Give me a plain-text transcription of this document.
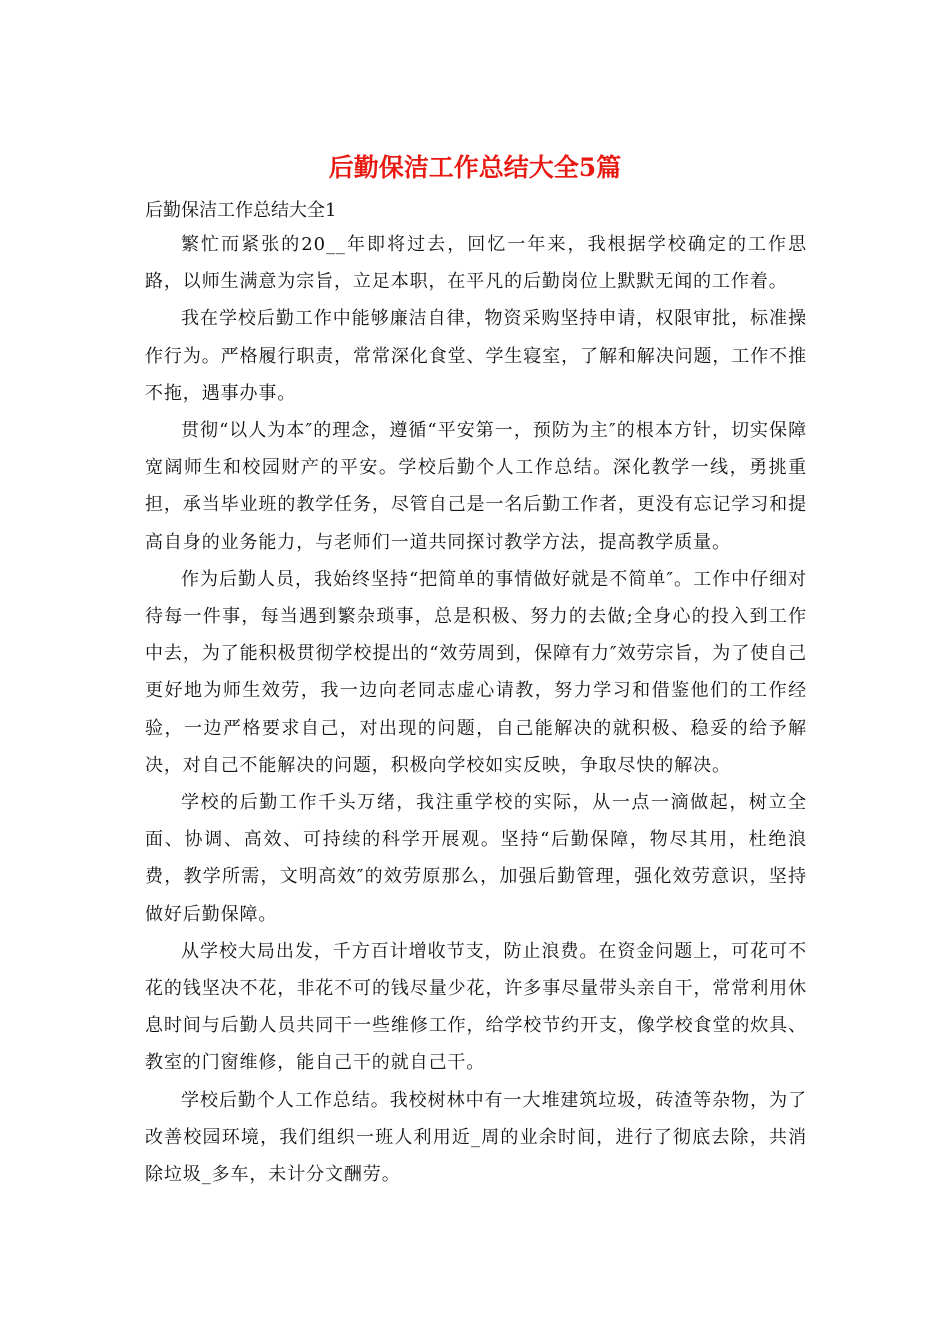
后勤保洁工作总结大全5篇

后勤保洁工作总结大全1

繁忙而紧张的20__年即将过去，回忆一年来，我根据学校确定的工作思路，以师生满意为宗旨，立足本职，在平凡的后勤岗位上默默无闻的工作着。

我在学校后勤工作中能够廉洁自律，物资采购坚持申请，权限审批，标准操作行为。严格履行职责，常常深化食堂、学生寝室，了解和解决问题，工作不推不拖，遇事办事。

贯彻“以人为本″的理念，遵循“平安第一，预防为主″的根本方针，切实保障宽阔师生和校园财产的平安。学校后勤个人工作总结。深化教学一线，勇挑重担，承当毕业班的教学任务，尽管自己是一名后勤工作者，更没有忘记学习和提高自身的业务能力，与老师们一道共同探讨教学方法，提高教学质量。

作为后勤人员，我始终坚持“把简单的事情做好就是不简单″。工作中仔细对待每一件事，每当遇到繁杂琐事，总是积极、努力的去做;全身心的投入到工作中去，为了能积极贯彻学校提出的“效劳周到，保障有力″效劳宗旨，为了使自己更好地为师生效劳，我一边向老同志虚心请教，努力学习和借鉴他们的工作经验，一边严格要求自己，对出现的问题，自己能解决的就积极、稳妥的给予解决，对自己不能解决的问题，积极向学校如实反映，争取尽快的解决。

学校的后勤工作千头万绪，我注重学校的实际，从一点一滴做起，树立全面、协调、高效、可持续的科学开展观。坚持“后勤保障，物尽其用，杜绝浪费，教学所需，文明高效″的效劳原那么，加强后勤管理，强化效劳意识，坚持做好后勤保障。

从学校大局出发，千方百计增收节支，防止浪费。在资金问题上，可花可不花的钱坚决不花，非花不可的钱尽量少花，许多事尽量带头亲自干，常常利用休息时间与后勤人员共同干一些维修工作，给学校节约开支，像学校食堂的炊具、教室的门窗维修，能自己干的就自己干。

学校后勤个人工作总结。我校树林中有一大堆建筑垃圾，砖渣等杂物，为了改善校园环境，我们组织一班人利用近_周的业余时间，进行了彻底去除，共消除垃圾_多车，未计分文酬劳。
